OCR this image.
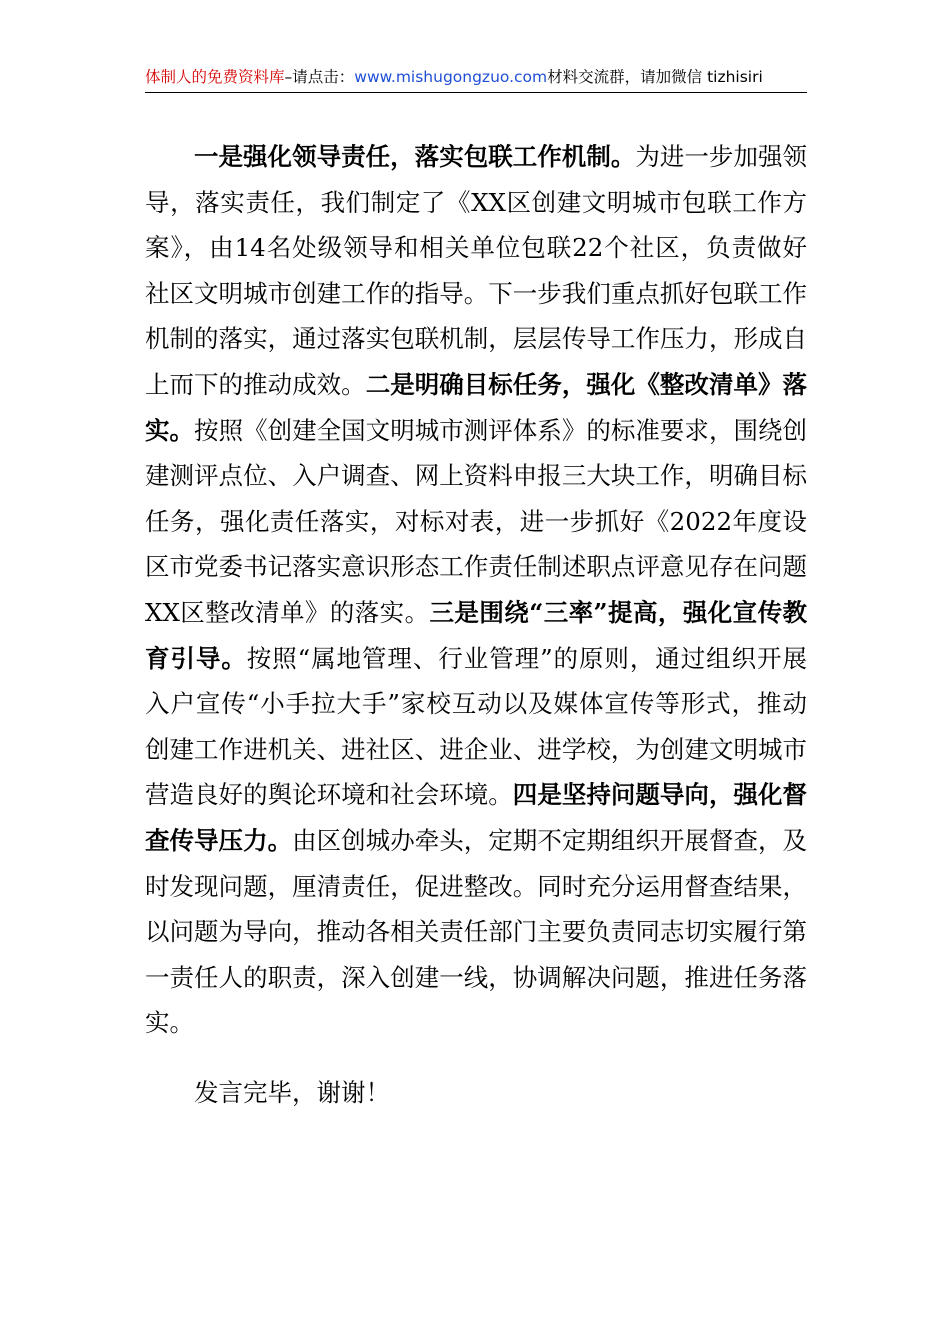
体制人的免费资料库–请点击：www.mishugongzuo.com材料交流群，请加微信 tizhisiri

一是强化领导责任，落实包联工作机制。为进一步加强领导，落实责任，我们制定了《XX区创建文明城市包联工作方案》，由14名处级领导和相关单位包联22个社区，负责做好社区文明城市创建工作的指导。下一步我们重点抓好包联工作机制的落实，通过落实包联机制，层层传导工作压力，形成自上而下的推动成效。二是明确目标任务，强化《整改清单》落实。按照《创建全国文明城市测评体系》的标准要求，围绕创建测评点位、入户调查、网上资料申报三大块工作，明确目标任务，强化责任落实，对标对表，进一步抓好《2022年度设区市党委书记落实意识形态工作责任制述职点评意见存在问题XX区整改清单》的落实。三是围绕“三率”提高，强化宣传教育引导。按照“属地管理、行业管理”的原则，通过组织开展入户宣传“小手拉大手”家校互动以及媒体宣传等形式，推动创建工作进机关、进社区、进企业、进学校，为创建文明城市营造良好的舆论环境和社会环境。四是坚持问题导向，强化督查传导压力。由区创城办牵头，定期不定期组织开展督查，及时发现问题，厘清责任，促进整改。同时充分运用督查结果，以问题为导向，推动各相关责任部门主要负责同志切实履行第一责任人的职责，深入创建一线，协调解决问题，推进任务落实。

发言完毕，谢谢！
